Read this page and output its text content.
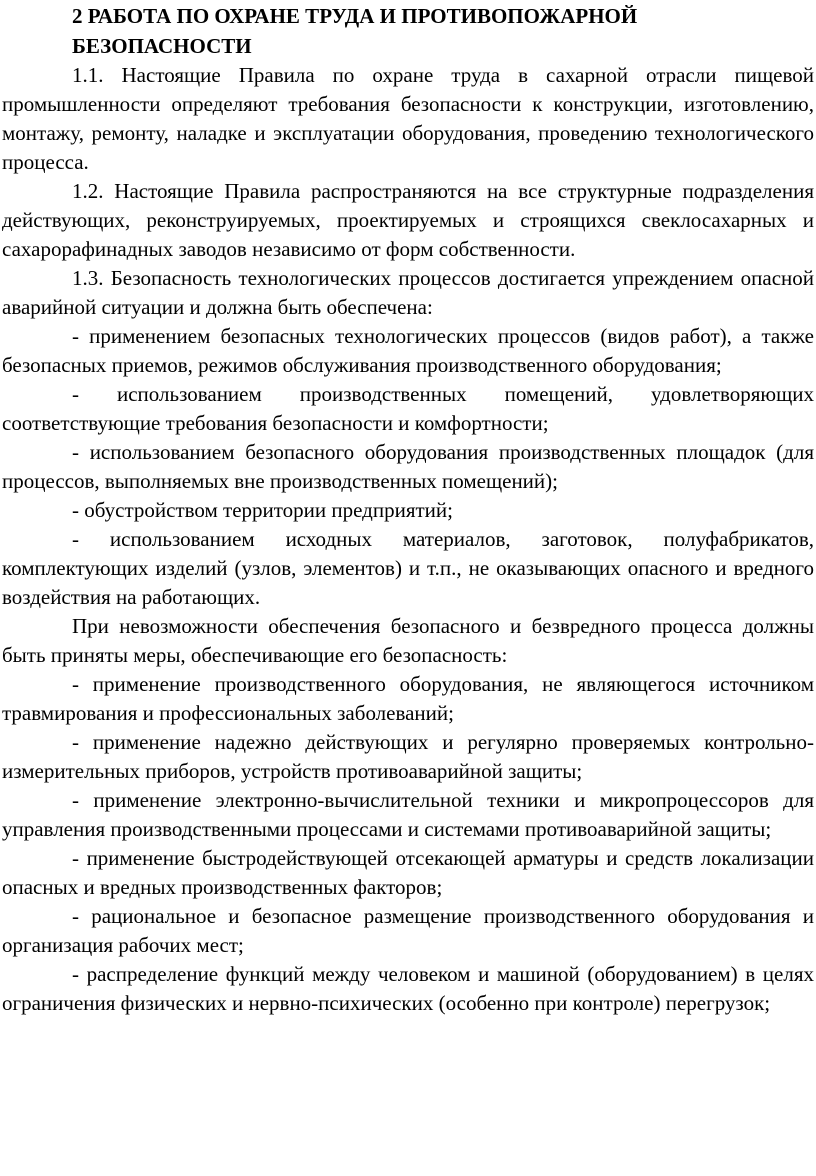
2 РАБОТА ПО ОХРАНЕ ТРУДА И ПРОТИВОПОЖАРНОЙ БЕЗОПАСНОСТИ

1.1. Настоящие Правила по охране труда в сахарной отрасли пищевой промышленности определяют требования безопасности к конструкции, изготовлению, монтажу, ремонту, наладке и эксплуатации оборудования, проведению технологического процесса.

1.2. Настоящие Правила распространяются на все структурные подразделения действующих, реконструируемых, проектируемых и строящихся свеклосахарных и сахарорафинадных заводов независимо от форм собственности.

1.3. Безопасность технологических процессов достигается упреждением опасной аварийной ситуации и должна быть обеспечена:

- применением безопасных технологических процессов (видов работ), а также безопасных приемов, режимов обслуживания производственного оборудования;

- использованием производственных помещений, удовлетворяющих соответствующие требования безопасности и комфортности;

- использованием безопасного оборудования производственных площадок (для процессов, выполняемых вне производственных помещений);

- обустройством территории предприятий;

- использованием исходных материалов, заготовок, полуфабрикатов, комплектующих изделий (узлов, элементов) и т.п., не оказывающих опасного и вредного воздействия на работающих.

При невозможности обеспечения безопасного и безвредного процесса должны быть приняты меры, обеспечивающие его безопасность:

- применение производственного оборудования, не являющегося источником травмирования и профессиональных заболеваний;

- применение надежно действующих и регулярно проверяемых контрольно-измерительных приборов, устройств противоаварийной защиты;

- применение электронно-вычислительной техники и микропроцессоров для управления производственными процессами и системами противоаварийной защиты;

- применение быстродействующей отсекающей арматуры и средств локализации опасных и вредных производственных факторов;

- рациональное и безопасное размещение производственного оборудования и организация рабочих мест;

- распределение функций между человеком и машиной (оборудованием) в целях ограничения физических и нервно-психических (особенно при контроле) перегрузок;
